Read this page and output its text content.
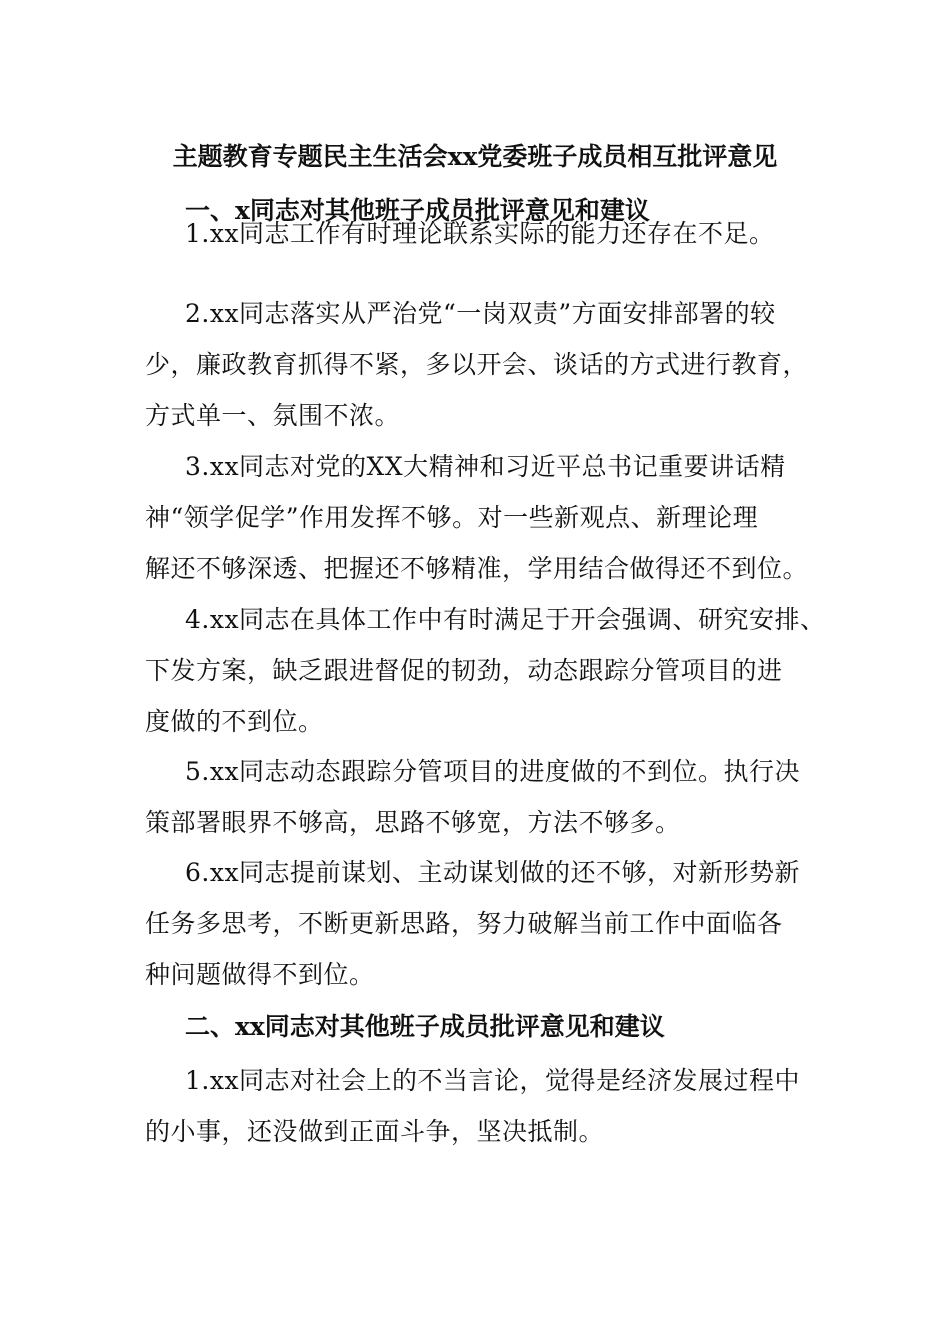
主题教育专题民主生活会xx党委班子成员相互批评意见
一、x同志对其他班子成员批评意见和建议
1.xx同志工作有时理论联系实际的能力还存在不足。
2.xx同志落实从严治党“一岗双责”方面安排部署的较
少，廉政教育抓得不紧，多以开会、谈话的方式进行教育，
方式单一、氛围不浓。
3.xx同志对党的XX大精神和习近平总书记重要讲话精
神“领学促学”作用发挥不够。对一些新观点、新理论理
解还不够深透、把握还不够精准，学用结合做得还不到位。
4.xx同志在具体工作中有时满足于开会强调、研究安排、
下发方案，缺乏跟进督促的韧劲，动态跟踪分管项目的进
度做的不到位。
5.xx同志动态跟踪分管项目的进度做的不到位。执行决
策部署眼界不够高，思路不够宽，方法不够多。
6.xx同志提前谋划、主动谋划做的还不够，对新形势新
任务多思考，不断更新思路，努力破解当前工作中面临各
种问题做得不到位。
二、xx同志对其他班子成员批评意见和建议
1.xx同志对社会上的不当言论，觉得是经济发展过程中
的小事，还没做到正面斗争，坚决抵制。
